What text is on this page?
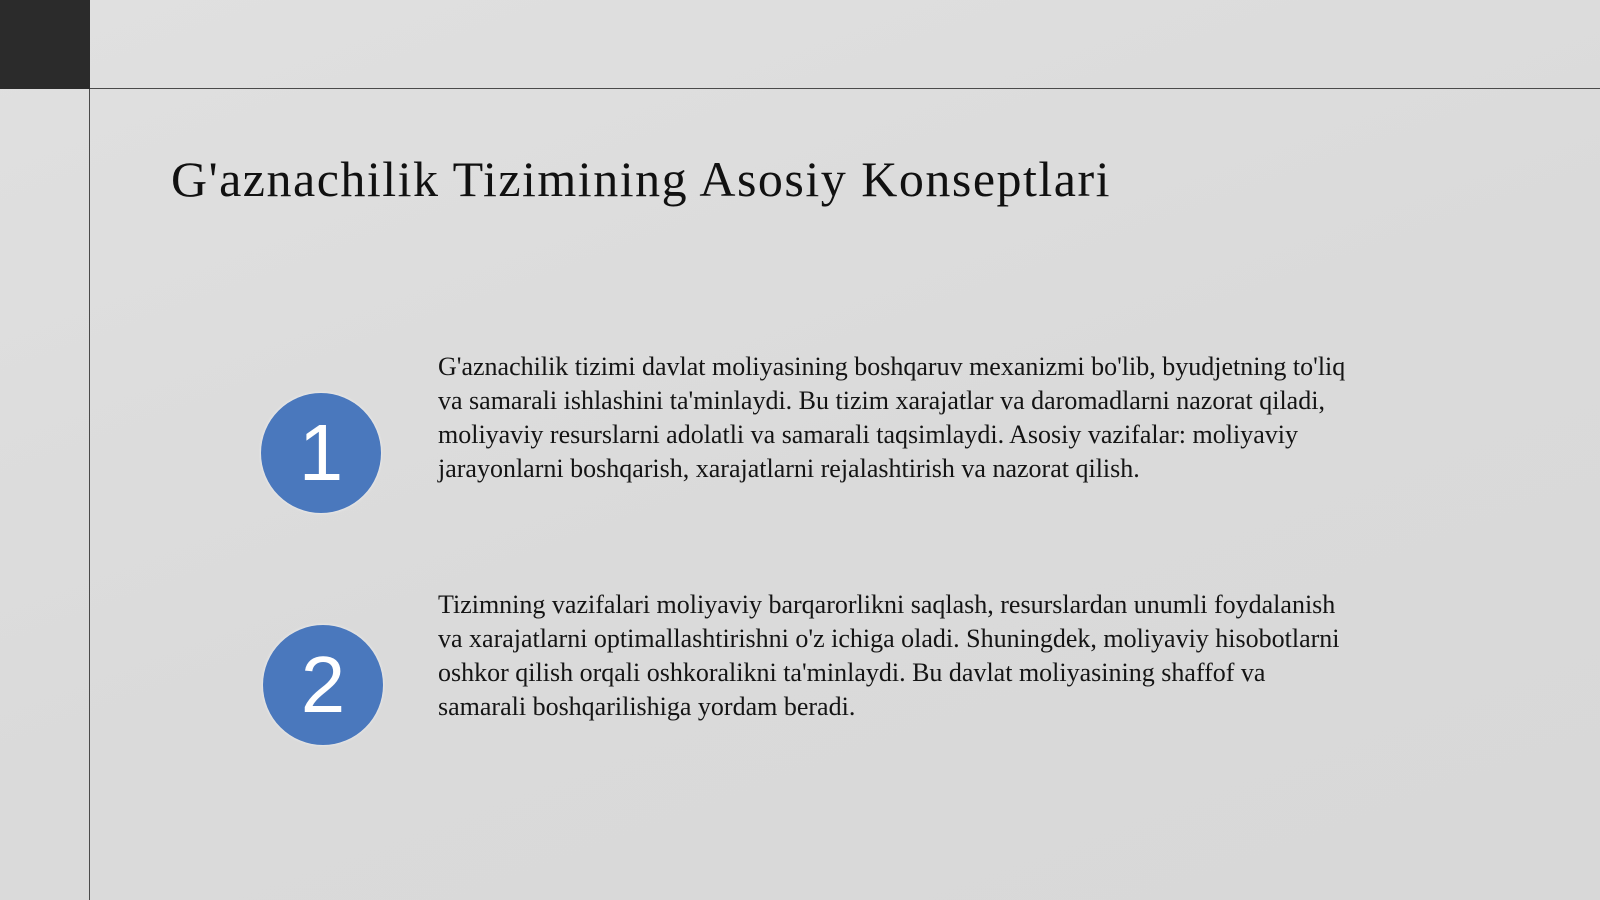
G'aznachilik Tizimining Asosiy Konseptlari
1

G'aznachilik tizimi davlat moliyasining boshqaruv mexanizmi bo'lib, byudjetning to'liq va samarali ishlashini ta'minlaydi. Bu tizim xarajatlar va daromadlarni nazorat qiladi, moliyaviy resurslarni adolatli va samarali taqsimlaydi. Asosiy vazifalar: moliyaviy jarayonlarni boshqarish, xarajatlarni rejalashtirish va nazorat qilish.

2

Tizimning vazifalari moliyaviy barqarorlikni saqlash, resurslardan unumli foydalanish va xarajatlarni optimallashtirishni o'z ichiga oladi. Shuningdek, moliyaviy hisobotlarni oshkor qilish orqali oshkoralikni ta'minlaydi. Bu davlat moliyasining shaffof va samarali boshqarilishiga yordam beradi.
